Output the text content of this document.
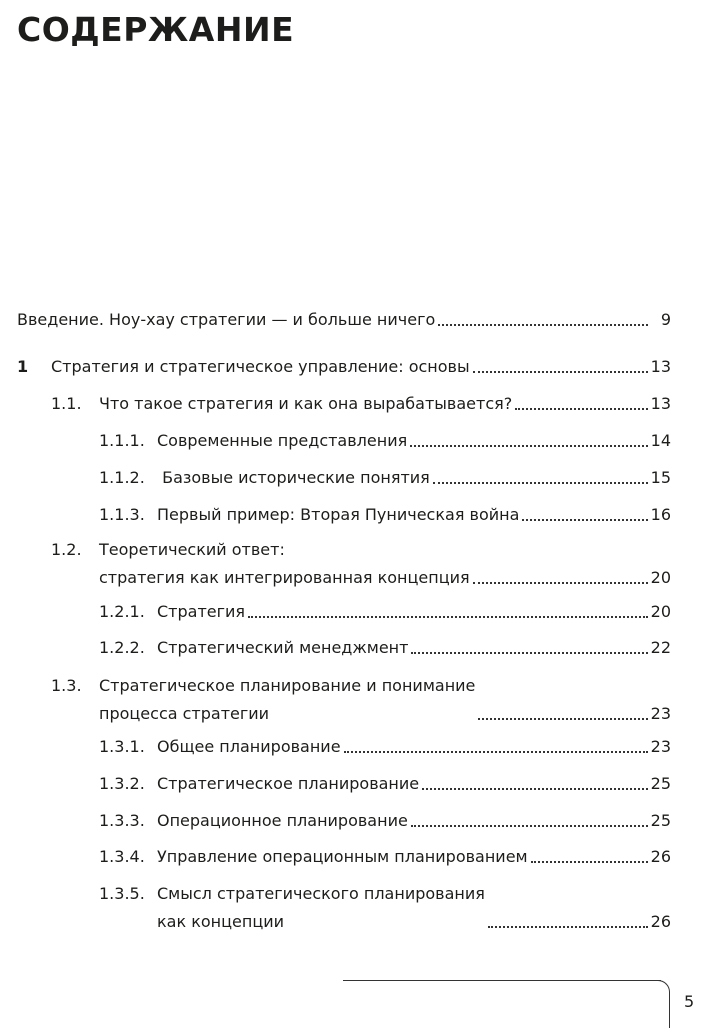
СОДЕРЖАНИЕ
Введение. Ноу-хау стратегии — и больше ничего	9
1	Стратегия и стратегическое управление: основы	13
1.1.	Что такое стратегия и как она вырабатывается?	13
1.1.1. Современные представления	14
1.1.2. Базовые исторические понятия	15
1.1.3. Первый пример: Вторая Пуническая война	16
1.2.	Теоретический ответ:
стратегия как интегрированная концепция	20
1.2.1. Стратегия	20
1.2.2. Стратегический менеджмент	22
1.3.	Стратегическое планирование и понимание
процесса стратегии	23
1.3.1. Общее планирование	23
1.3.2. Стратегическое планирование	25
1.3.3. Операционное планирование	25
1.3.4. Управление операционным планированием	26
1.3.5. Смысл стратегического планирования
как концепции	26
5
